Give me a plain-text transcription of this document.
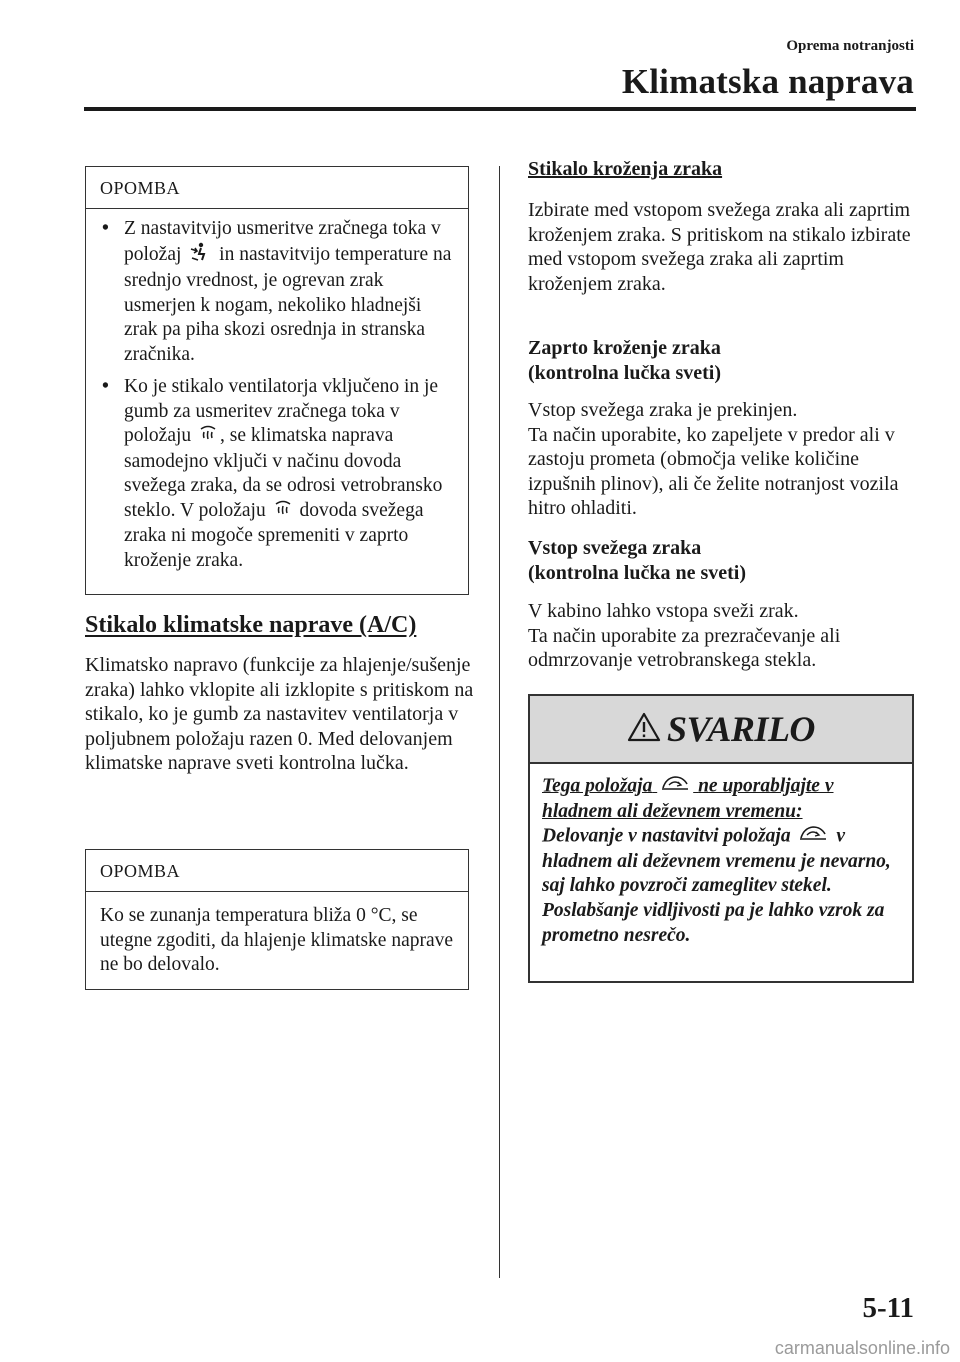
Oprema notranjosti
Klimatska naprava
OPOMBA
• Z nastavitvijo usmeritve zračnega toka v položaj in nastavitvijo temperature na srednjo vrednost, je ogrevan zrak usmerjen k nogam, nekoliko hladnejši zrak pa piha skozi osrednja in stranska zračnika.
• Ko je stikalo ventilatorja vključeno in je gumb za usmeritev zračnega toka v položaju , se klimatska naprava samodejno vključi v načinu dovoda svežega zraka, da se odrosi vetrobransko steklo. V položaju dovoda svežega zraka ni mogoče spremeniti v zaprto kroženje zraka.
Stikalo klimatske naprave (A/C)
Klimatsko napravo (funkcije za hlajenje/sušenje zraka) lahko vklopite ali izklopite s pritiskom na stikalo, ko je gumb za nastavitev ventilatorja v poljubnem položaju razen 0. Med delovanjem klimatske naprave sveti kontrolna lučka.
OPOMBA
Ko se zunanja temperatura bliža 0 °C, se utegne zgoditi, da hlajenje klimatske naprave ne bo delovalo.
Stikalo kroženja zraka
Izbirate med vstopom svežega zraka ali zaprtim kroženjem zraka. S pritiskom na stikalo izbirate med vstopom svežega zraka ali zaprtim kroženjem zraka.
Zaprto kroženje zraka
(kontrolna lučka sveti)
Vstop svežega zraka je prekinjen.
Ta način uporabite, ko zapeljete v predor ali v zastoju prometa (območja velike količine izpušnih plinov), ali če želite notranjost vozila hitro ohladiti.
Vstop svežega zraka
(kontrolna lučka ne sveti)
V kabino lahko vstopa sveži zrak.
Ta način uporabite za prezračevanje ali odmrzovanje vetrobranskega stekla.
SVARILO
Tega položaja ne uporabljajte v hladnem ali deževnem vremenu:
Delovanje v nastavitvi položaja v hladnem ali deževnem vremenu je nevarno, saj lahko povzroči zameglitev stekel. Poslabšanje vidljivosti pa je lahko vzrok za prometno nesrečo.
5-11
carmanualsonline.info
